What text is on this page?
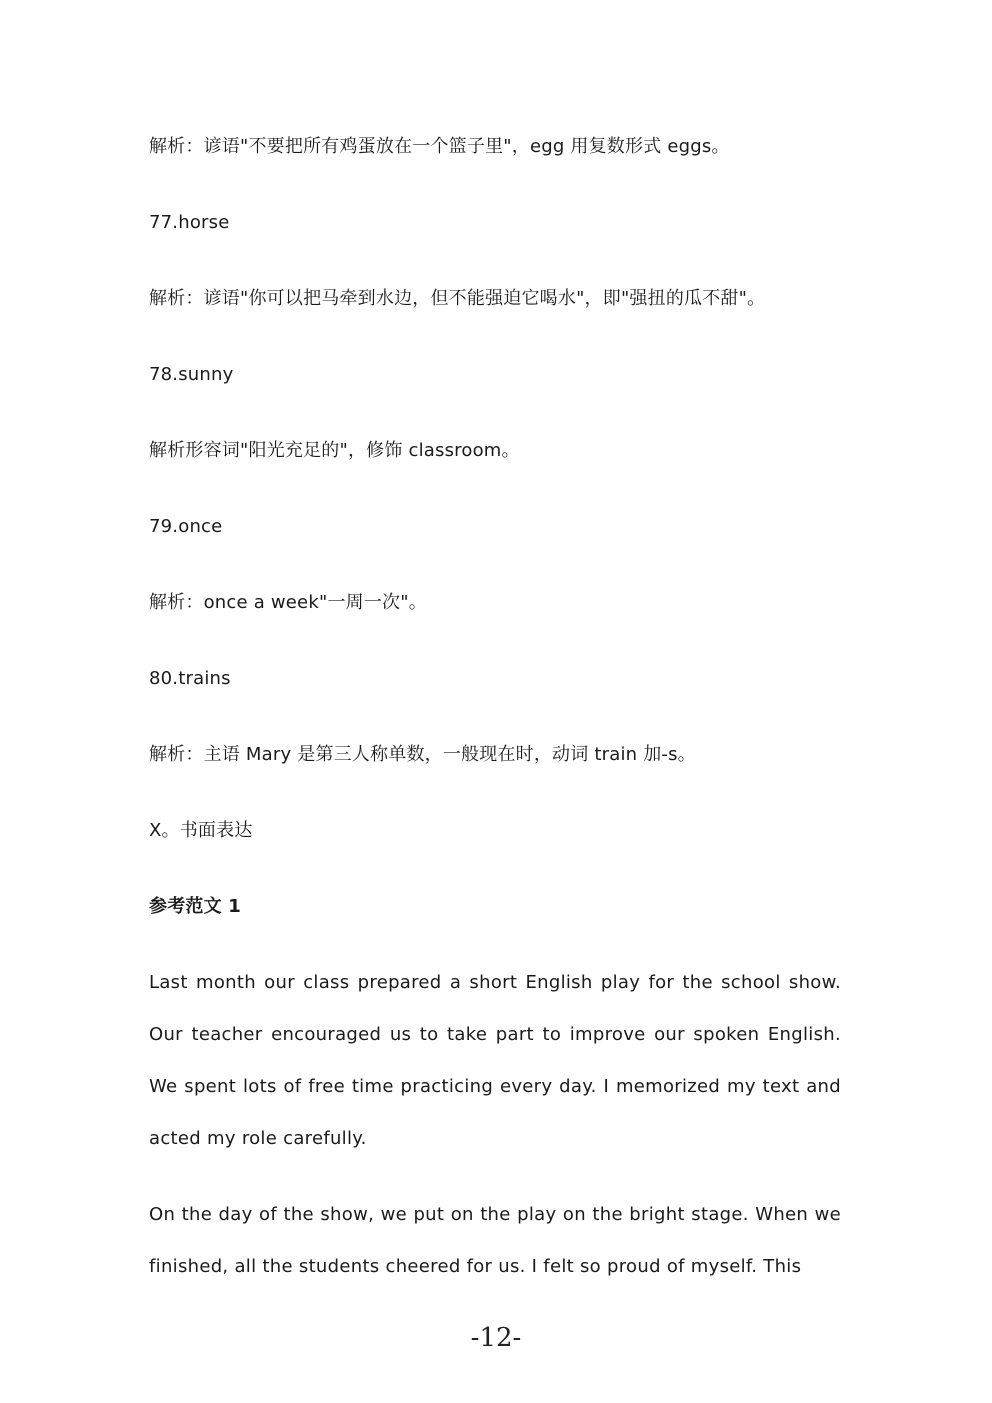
解析：谚语"不要把所有鸡蛋放在一个篮子里"，egg 用复数形式 eggs。
77.horse
解析：谚语"你可以把马牵到水边，但不能强迫它喝水"，即"强扭的瓜不甜"。
78.sunny
解析形容词"阳光充足的"，修饰 classroom。
79.once
解析：once a week"一周一次"。
80.trains
解析：主语 Mary 是第三人称单数，一般现在时，动词 train 加-s。
X。书面表达
参考范文 1
Last month our class prepared a short English play for the school show. Our teacher encouraged us to take part to improve our spoken English. We spent lots of free time practicing every day. I memorized my text and acted my role carefully.
On the day of the show, we put on the play on the bright stage. When we finished, all the students cheered for us. I felt so proud of myself. This
-12-
